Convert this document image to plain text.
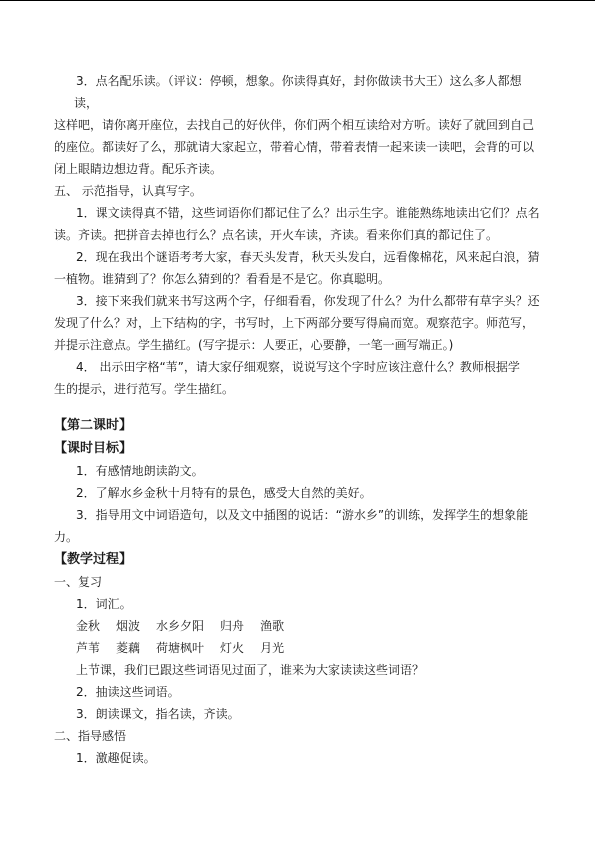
3．点名配乐读。（评议：停顿，想象。你读得真好，封你做读书大王）这么多人都想

读，

这样吧，请你离开座位，去找自己的好伙伴，你们两个相互读给对方听。读好了就回到自己

的座位。都读好了么，那就请大家起立，带着心情，带着表情一起来读一读吧，会背的可以

闭上眼睛边想边背。配乐齐读。

五、 示范指导，认真写字。

1．课文读得真不错，这些词语你们都记住了么？出示生字。谁能熟练地读出它们？点名

读。齐读。把拼音去掉也行么？点名读，开火车读，齐读。看来你们真的都记住了。

2．现在我出个谜语考考大家，春天头发青，秋天头发白，远看像棉花，风来起白浪，猜

一植物。谁猜到了？你怎么猜到的？看看是不是它。你真聪明。

3．接下来我们就来书写这两个字，仔细看看，你发现了什么？为什么都带有草字头？还

发现了什么？对，上下结构的字，书写时，上下两部分要写得扁而宽。观察范字。师范写，

并提示注意点。学生描红。(写字提示：人要正，心要静，一笔一画写端正。)

4． 出示田字格“苇”，请大家仔细观察，说说写这个字时应该注意什么？教师根据学

生的提示，进行范写。学生描红。

【第二课时】

【课时目标】

1．有感情地朗读韵文。

2．了解水乡金秋十月特有的景色，感受大自然的美好。

3．指导用文中词语造句，以及文中插图的说话：“游水乡”的训练，发挥学生的想象能

力。

【教学过程】

一、复习

1．词汇。

金秋 烟波 水乡夕阳 归舟 渔歌
芦苇 菱藕 荷塘枫叶 灯火 月光

上节课，我们已跟这些词语见过面了，谁来为大家读读这些词语？

2．抽读这些词语。

3．朗读课文，指名读，齐读。

二、指导感悟

1．激趣促读。
